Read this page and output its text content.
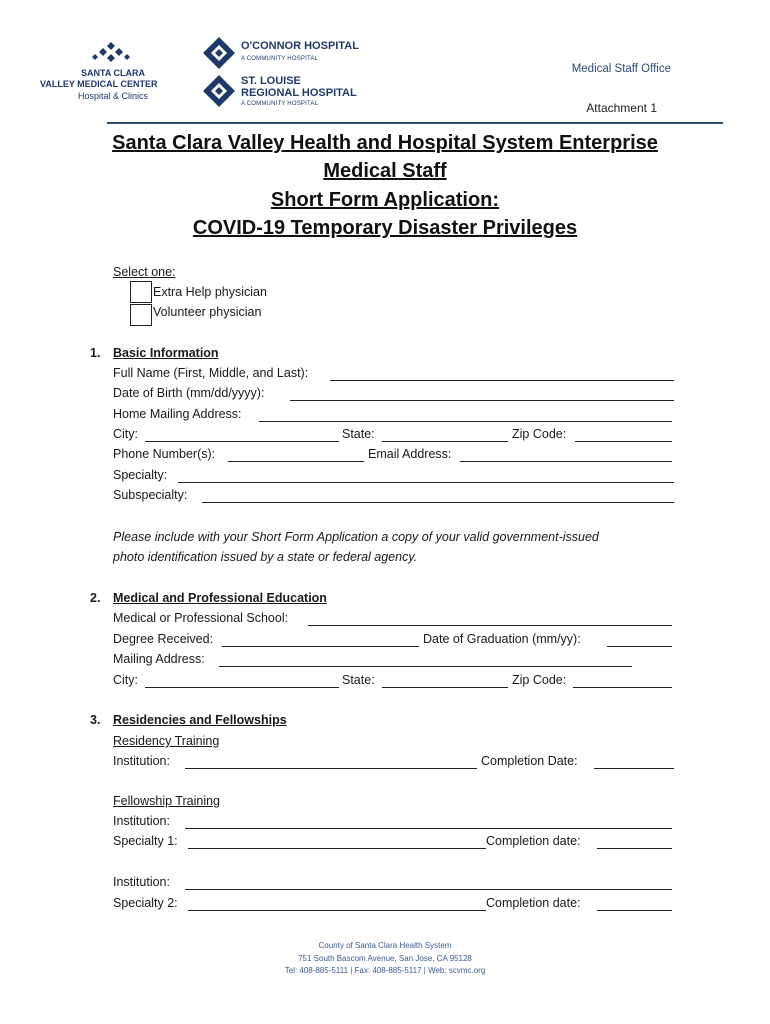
SANTA CLARA
VALLEY MEDICAL CENTER
Hospital & Clinics
O'CONNOR HOSPITAL
A COMMUNITY HOSPITAL
ST. LOUISE
REGIONAL HOSPITAL
A COMMUNITY HOSPITAL
Medical Staff Office
Attachment 1
Santa Clara Valley Health and Hospital System Enterprise
Medical Staff
Short Form Application:
COVID-19 Temporary Disaster Privileges
Select one:
Extra Help physician
Volunteer physician
1. Basic Information
Full Name (First, Middle, and Last):
Date of Birth (mm/dd/yyyy):
Home Mailing Address:
City:	State:	Zip Code:
Phone Number(s):	Email Address:
Specialty:
Subspecialty:
Please include with your Short Form Application a copy of your valid government-issued
photo identification issued by a state or federal agency.
2. Medical and Professional Education
Medical or Professional School:
Degree Received:	Date of Graduation (mm/yy):
Mailing Address:
City:	State:	Zip Code:
3. Residencies and Fellowships
Residency Training
Institution:	Completion Date:
Fellowship Training
Institution:
Specialty 1:	Completion date:
Institution:
Specialty 2:	Completion date:
County of Santa Clara Health System
751 South Bascom Avenue, San Jose, CA 95128
Tel: 408-885-5111 | Fax: 408-885-5117 | Web: scvmc.org
